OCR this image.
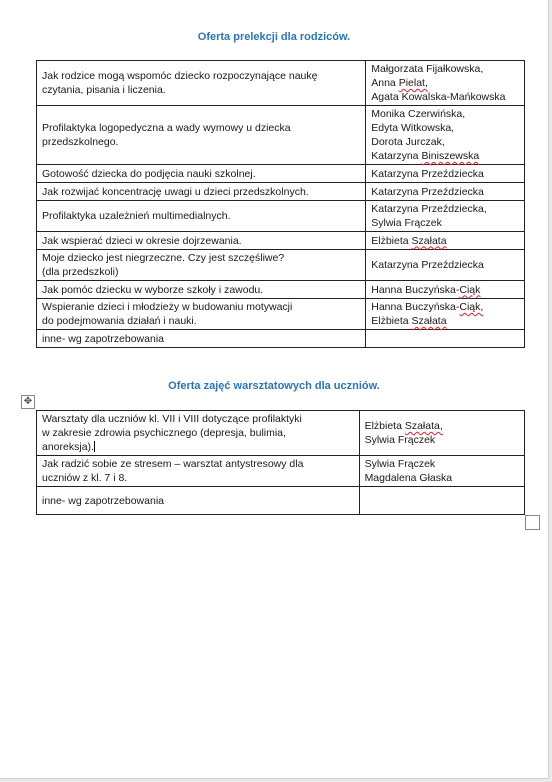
Oferta prelekcji dla rodziców.
Jak rodzice mogą wspomóc dziecko rozpoczynające naukę
czytania, pisania i liczenia.	Małgorzata Fijałkowska,
Anna Pielat,
Agata Kowalska-Mańkowska

Profilaktyka logopedyczna a wady wymowy u dziecka
przedszkolnego.	Monika Czerwińska,
Edyta Witkowska,
Dorota Jurczak,
Katarzyna Biniszewska

Gotowość dziecka do podjęcia nauki szkolnej.	Katarzyna Przeździecka

Jak rozwijać koncentrację uwagi u dzieci przedszkolnych.	Katarzyna Przeździecka

Profilaktyka uzależnień multimedialnych.	Katarzyna Przeździecka,
Sylwia Frączek

Jak wspierać dzieci w okresie dojrzewania.	Elżbieta Szałata

Moje dziecko jest niegrzeczne. Czy jest szczęśliwe?
(dla przedszkoli)	Katarzyna Przeździecka

Jak pomóc dziecku w wyborze szkoły i zawodu.	Hanna Buczyńska-Ciąk

Wspieranie dzieci i młodzieży w budowaniu motywacji
do podejmowania działań i nauki.	Hanna Buczyńska-Ciąk,
Elżbieta Szałata

inne- wg zapotrzebowania	

Oferta zajęć warsztatowych dla uczniów.
✥
Warsztaty dla uczniów kl. VII i VIII dotyczące profilaktyki
w zakresie zdrowia psychicznego (depresja, bulimia,
anoreksja).	Elżbieta Szałata,
Sylwia Frączek

Jak radzić sobie ze stresem – warsztat antystresowy dla
uczniów z kl. 7 i 8.	Sylwia Frączek
Magdalena Głaska

inne- wg zapotrzebowania	
